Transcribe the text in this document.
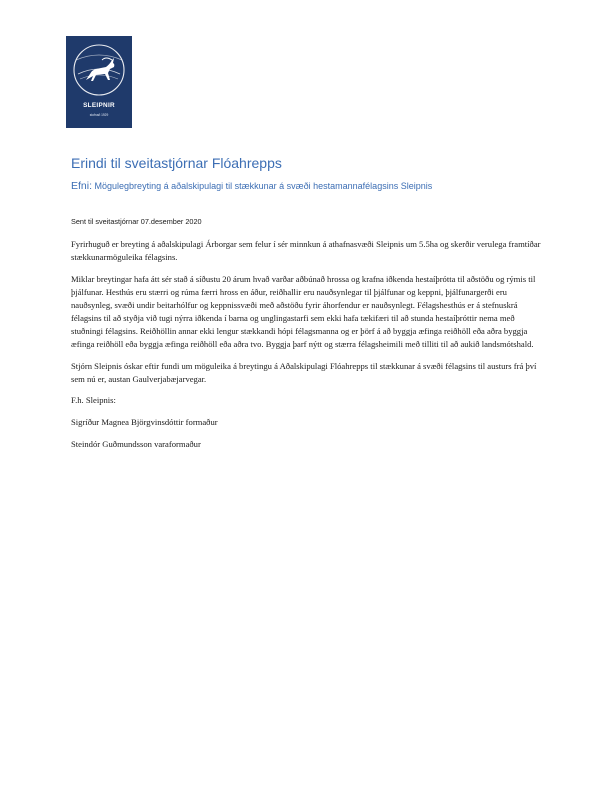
SLEIPNIR
stofnað 1929
Erindi til sveitastjórnar Flóahrepps
Efni: Mögulegbreyting á aðalskipulagi til stækkunar á svæði hestamannafélagsins Sleipnis
Sent til sveitastjórnar 07.desember 2020

Fyrirhuguð er breyting á aðalskipulagi Árborgar sem felur í sér minnkun á athafnasvæði Sleipnis um 5.5ha og skerðir verulega framtíðar stækkunarmöguleika félagsins.

Miklar breytingar hafa átt sér stað á síðustu 20 árum hvað varðar aðbúnað hrossa og krafna iðkenda hestaíþrótta til aðstöðu og rýmis til þjálfunar. Hesthús eru stærri og rúma færri hross en áður, reiðhallir eru nauðsynlegar til þjálfunar og keppni, þjálfunargerði eru nauðsynleg, svæði undir beitarhólfur og keppnissvæði með aðstöðu fyrir áhorfendur er nauðsynlegt. Félagshesthús er á stefnuskrá félagsins til að styðja við tugi nýrra iðkenda í barna og unglingastarfi sem ekki hafa tækifæri til að stunda hestaíþróttir nema með stuðningi félagsins. Reiðhöllin annar ekki lengur stækkandi hópi félagsmanna og er þörf á að byggja æfinga reiðhöll eða aðra byggja æfinga reiðhöll eða byggja æfinga reiðhöll eða aðra tvo. Byggja þarf nýtt og stærra félagsheimili með tilliti til að aukið landsmótshald.

Stjórn Sleipnis óskar eftir fundi um möguleika á breytingu á Aðalskipulagi Flóahrepps til stækkunar á svæði félagsins til austurs frá því sem nú er, austan Gaulverjabæjarvegar.

F.h. Sleipnis:

Sigríður Magnea Björgvinsdóttir formaður

Steindór Guðmundsson varaformaður
